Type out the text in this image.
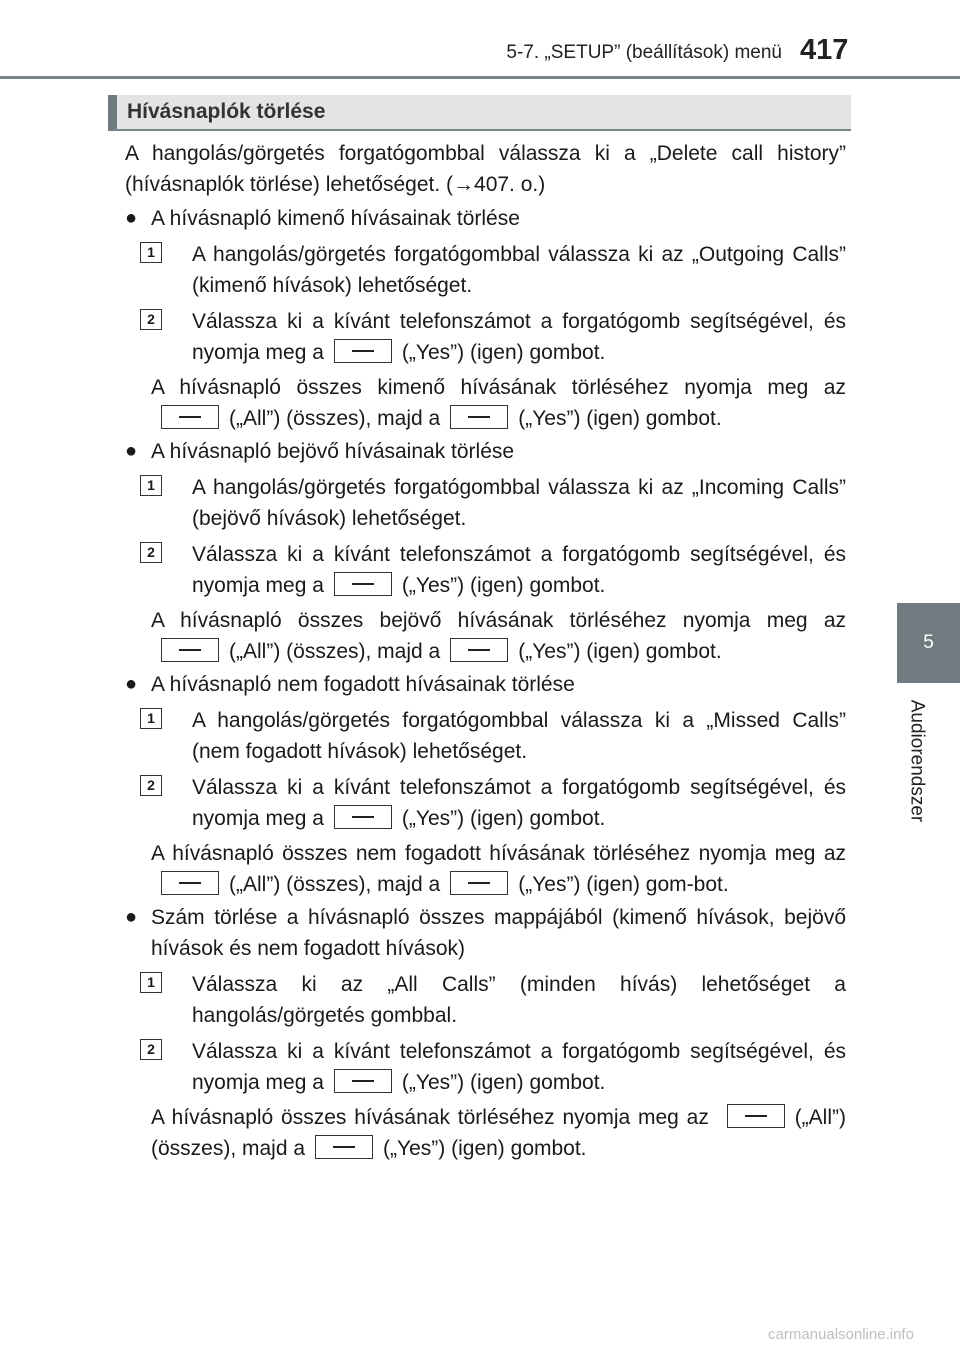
5-7. „SETUP” (beállítások) menü 417
5
Audiorendszer
Hívásnaplók törlése

A hangolás/görgetés forgatógombbal válassza ki a „Delete call history” (hívásnaplók törlése) lehetőséget. (→407. o.)

● A hívásnapló kimenő hívásainak törlése
1	A hangolás/görgetés forgatógombbal válassza ki az „Outgoing Calls” (kimenő hívások) lehetőséget.
2	Válassza ki a kívánt telefonszámot a forgatógomb segítségével, és nyomja meg a	(„Yes”) (igen) gombot.
A hívásnapló összes kimenő hívásának törléséhez nyomja meg az („All”) (összes), majd a	(„Yes”) (igen) gombot.
● A hívásnapló bejövő hívásainak törlése
1	A hangolás/görgetés forgatógombbal válassza ki az „Incoming Calls” (bejövő hívások) lehetőséget.
2	Válassza ki a kívánt telefonszámot a forgatógomb segítségével, és nyomja meg a	(„Yes”) (igen) gombot.
A hívásnapló összes bejövő hívásának törléséhez nyomja meg az („All”) (összes), majd a	(„Yes”) (igen) gombot.
● A hívásnapló nem fogadott hívásainak törlése
1	A hangolás/görgetés forgatógombbal válassza ki a „Missed Calls” (nem fogadott hívások) lehetőséget.
2	Válassza ki a kívánt telefonszámot a forgatógomb segítségével, és nyomja meg a	(„Yes”) (igen) gombot.
A hívásnapló összes nem fogadott hívásának törléséhez nyomja meg az („All”) (összes), majd a	(„Yes”) (igen) gom-bot.
● Szám törlése a hívásnapló összes mappájából (kimenő hívások, bejövő hívások és nem fogadott hívások)
1	Válassza ki az „All Calls” (minden hívás) lehetőséget a hangolás/görgetés gombbal.
2	Válassza ki a kívánt telefonszámot a forgatógomb segítségével, és nyomja meg a	(„Yes”) (igen) gombot.
A hívásnapló összes hívásának törléséhez nyomja meg az	(„All”) (összes), majd a	(„Yes”) (igen) gombot.
carmanualsonline.info
